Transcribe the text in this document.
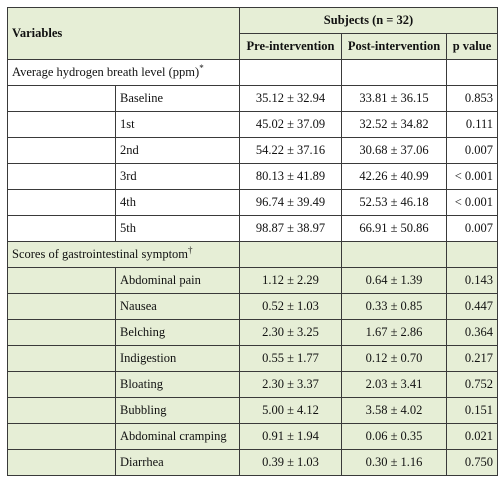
Variables		Subjects (n = 32)		
		Pre-intervention	Post-intervention	p value
Average hydrogen breath level (ppm)*			
	Baseline	35.12 ± 32.94	33.81 ± 36.15	0.853
	1st	45.02 ± 37.09	32.52 ± 34.82	0.111
	2nd	54.22 ± 37.16	30.68 ± 37.06	0.007
	3rd	80.13 ± 41.89	42.26 ± 40.99	< 0.001
	4th	96.74 ± 39.49	52.53 ± 46.18	< 0.001
	5th	98.87 ± 38.97	66.91 ± 50.86	0.007
Scores of gastrointestinal symptom†			
	Abdominal pain	1.12 ± 2.29	0.64 ± 1.39	0.143
	Nausea	0.52 ± 1.03	0.33 ± 0.85	0.447
	Belching	2.30 ± 3.25	1.67 ± 2.86	0.364
	Indigestion	0.55 ± 1.77	0.12 ± 0.70	0.217
	Bloating	2.30 ± 3.37	2.03 ± 3.41	0.752
	Bubbling	5.00 ± 4.12	3.58 ± 4.02	0.151
	Abdominal cramping	0.91 ± 1.94	0.06 ± 0.35	0.021
	Diarrhea	0.39 ± 1.03	0.30 ± 1.16	0.750
